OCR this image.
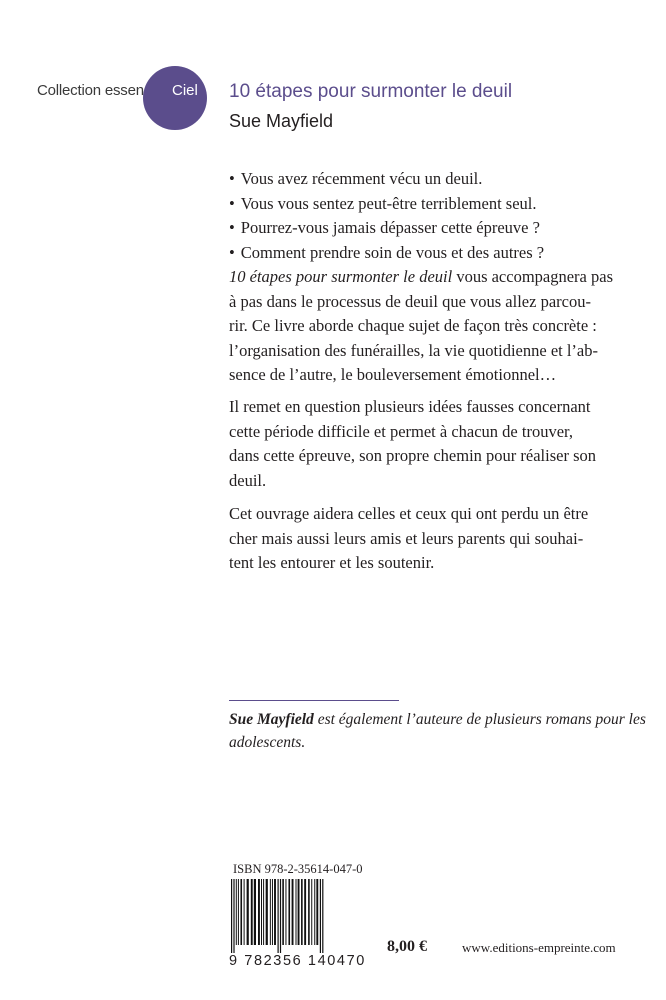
Collection essen Ciel 10 étapes pour surmonter le deuil
Sue Mayfield
• Vous avez récemment vécu un deuil.
• Vous vous sentez peut-être terriblement seul.
• Pourrez-vous jamais dépasser cette épreuve ?
• Comment prendre soin de vous et des autres ?
10 étapes pour surmonter le deuil vous accompagnera pas
à pas dans le processus de deuil que vous allez parcou-
rir. Ce livre aborde chaque sujet de façon très concrète :
l’organisation des funérailles, la vie quotidienne et l’ab-
sence de l’autre, le bouleversement émotionnel…
Il remet en question plusieurs idées fausses concernant
cette période difficile et permet à chacun de trouver,
dans cette épreuve, son propre chemin pour réaliser son
deuil.
Cet ouvrage aidera celles et ceux qui ont perdu un être
cher mais aussi leurs amis et leurs parents qui souhai-
tent les entourer et les soutenir.
Sue Mayfield est également l’auteure de plusieurs romans pour les
adolescents.
ISBN 978-2-35614-047-0
9 782356 140470
8,00 €	www.editions-empreinte.com
